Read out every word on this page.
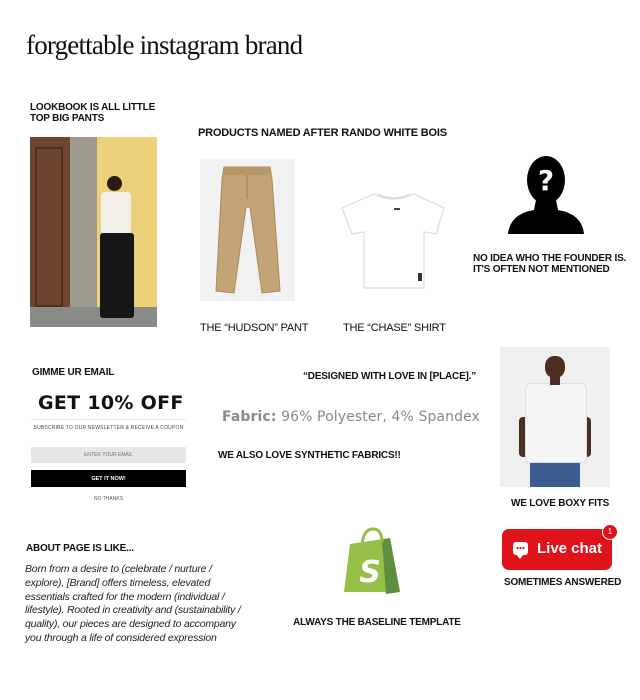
forgettable instagram brand
LOOKBOOK IS ALL LITTLE
TOP BIG PANTS
PRODUCTS NAMED AFTER RANDO WHITE BOIS
THE “HUDSON” PANT	THE “CHASE” SHIRT
?
NO IDEA WHO THE FOUNDER IS.
IT'S OFTEN NOT MENTIONED
GIMME UR EMAIL
GET 10% OFF
SUBSCRIBE TO OUR NEWSLETTER & RECEIVE A COUPON
ENTER YOUR EMAIL
GET IT NOW!
NO THANKS
“DESIGNED WITH LOVE IN [PLACE].”
Fabric: 96% Polyester, 4% Spandex
WE ALSO LOVE SYNTHETIC FABRICS!!
WE LOVE BOXY FITS
ABOUT PAGE IS LIKE...
Born from a desire to (celebrate / nurture / explore), [Brand] offers timeless, elevated essentials crafted for the modern (individual / lifestyle). Rooted in creativity and (sustainability / quality), our pieces are designed to accompany you through a life of considered expression
S
ALWAYS THE BASELINE TEMPLATE
Live chat
1
SOMETIMES ANSWERED
